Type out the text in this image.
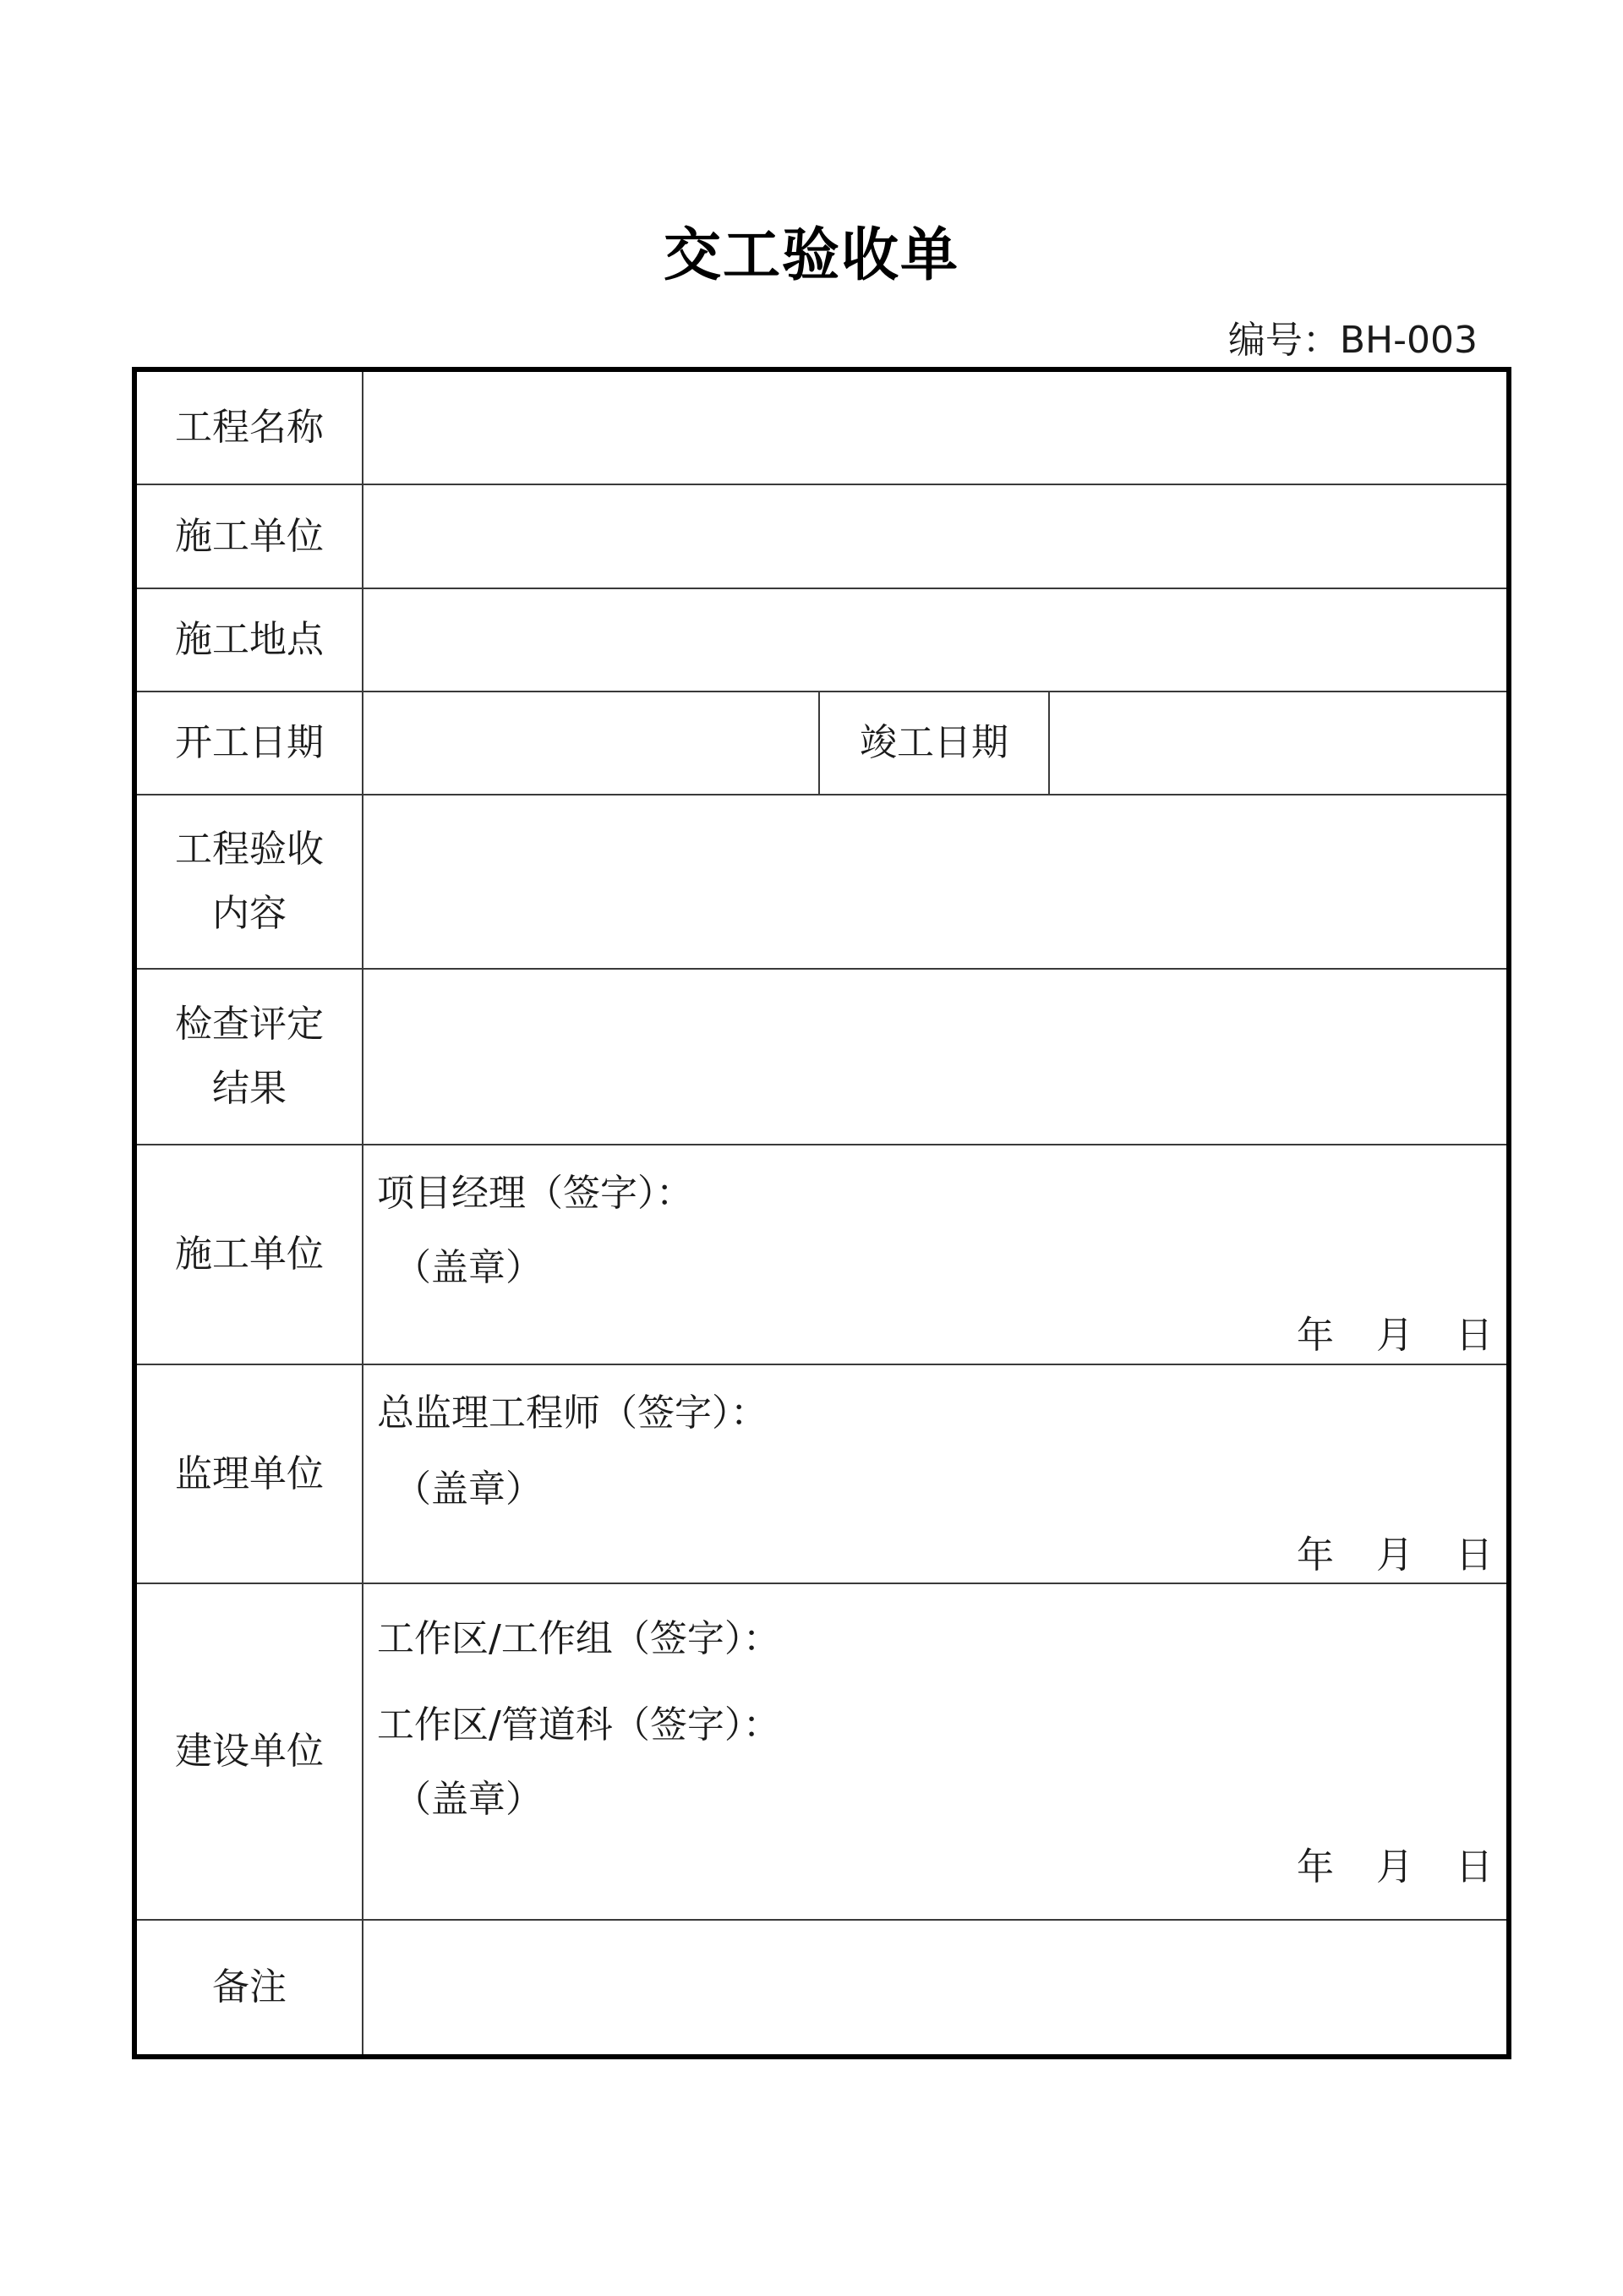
交工验收单
编号：BH-003
工程名称			
施工单位			
施工地点			
开工日期		竣工日期	

工程验收
内容			

检查评定
结果			

施工单位	项目经理（签字）：
（盖章）
年 月 日		

监理单位	总监理工程师（签字）：
（盖章）
年 月 日		

建设单位	工作区/工作组（签字）：
工作区/管道科（签字）：
（盖章）
年 月 日		

备注			
